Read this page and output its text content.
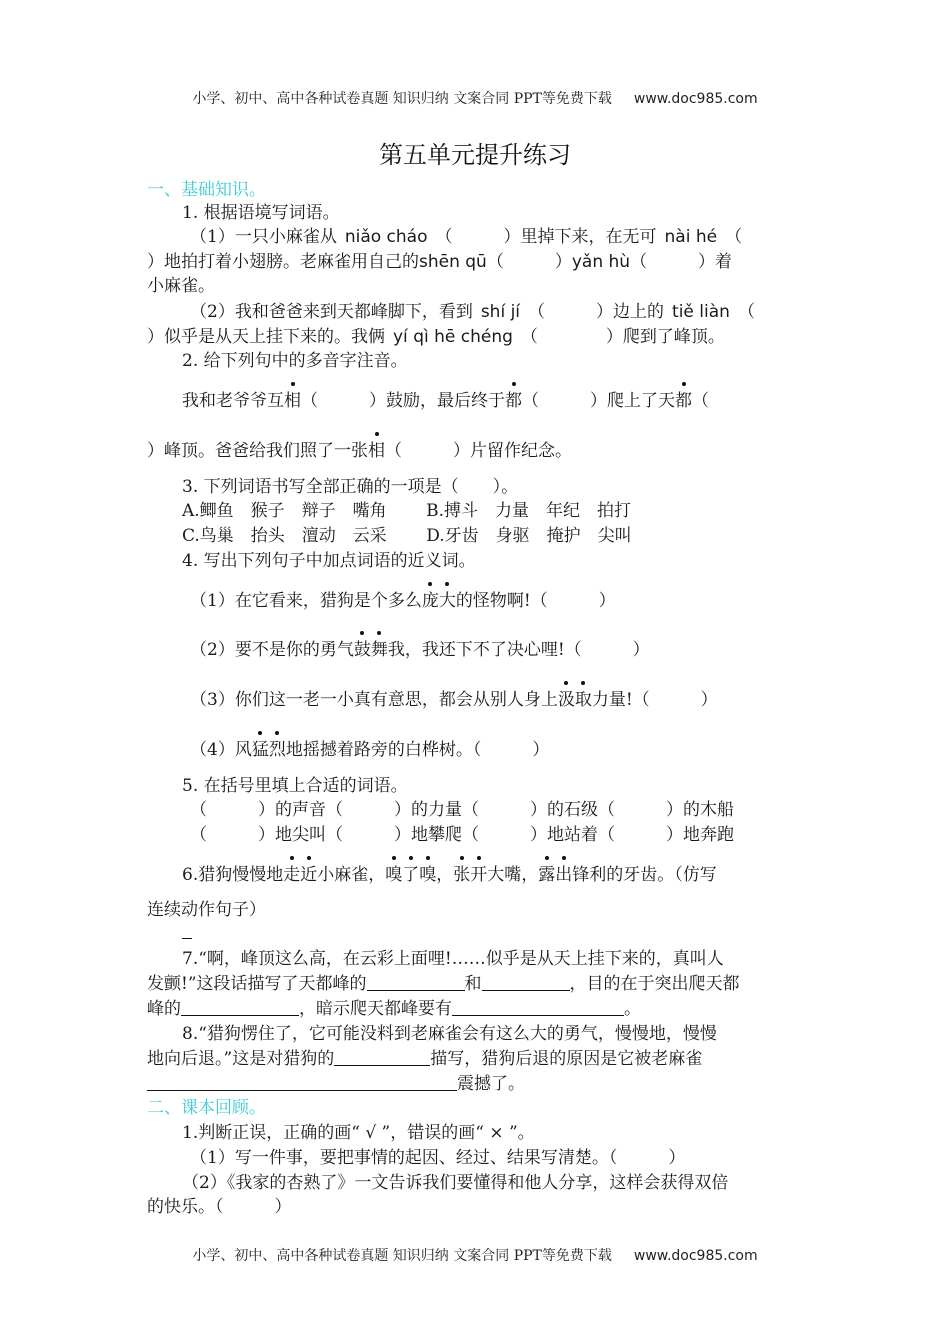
小学、初中、高中各种试卷真题 知识归纳 文案合同 PPT等免费下载 www.doc985.com
第五单元提升练习
一、基础知识。
1. 根据语境写词语。
（1）一只小麻雀从 niǎo cháo （　　　）里掉下来，在无可 nài hé （
）地拍打着小翅膀。老麻雀用自己的shēn qū（　　　）yǎn hù（　　　）着
小麻雀。
（2）我和爸爸来到天都峰脚下，看到 shí jí （　　　）边上的 tiě liàn （
）似乎是从天上挂下来的。我俩 yí qì hē chéng （　　　　）爬到了峰顶。
2. 给下列句中的多音字注音。
我和老爷爷互相（　　　）鼓励，最后终于都（　　　）爬上了天都（
）峰顶。爸爸给我们照了一张相（　　　）片留作纪念。
3. 下列词语书写全部正确的一项是（　　）。
A.鲫鱼　猴子　辩子　嘴角　　 B.搏斗　力量　年纪　拍打
C.鸟巢　抬头　澶动　云采　　 D.牙齿　身驱　掩护　尖叫
4. 写出下列句子中加点词语的近义词。
（1）在它看来，猎狗是个多么庞大的怪物啊!（　　　）
（2）要不是你的勇气鼓舞我，我还下不了决心哩!（　　　）
（3）你们这一老一小真有意思，都会从别人身上汲取力量!（　　　）
（4）风猛烈地摇撼着路旁的白桦树。（　　　）
5. 在括号里填上合适的词语。
（　　　）的声音（　　　）的力量（　　　）的石级（　　　）的木船
（　　　）地尖叫（　　　）地攀爬（　　　）地站着（　　　）地奔跑
6.猎狗慢慢地走近小麻雀，嗅了嗅，张开大嘴，露出锋利的牙齿。（仿写
连续动作句子）
7.“啊，峰顶这么高，在云彩上面哩!……似乎是从天上挂下来的，真叫人
发颤!”这段话描写了天都峰的	和	，目的在于突出爬天都
峰的	，暗示爬天都峰要有	。
8.“猎狗愣住了，它可能没料到老麻雀会有这么大的勇气，慢慢地，慢慢
地向后退。”这是对猎狗的	描写，猎狗后退的原因是它被老麻雀
震撼了。
二、课本回顾。
1.判断正误，正确的画“ √ ”，错误的画“ × ”。
（1）写一件事，要把事情的起因、经过、结果写清楚。（　　　）
（2）《我家的杏熟了》一文告诉我们要懂得和他人分享，这样会获得双倍
的快乐。（　　　）
小学、初中、高中各种试卷真题 知识归纳 文案合同 PPT等免费下载 www.doc985.com
